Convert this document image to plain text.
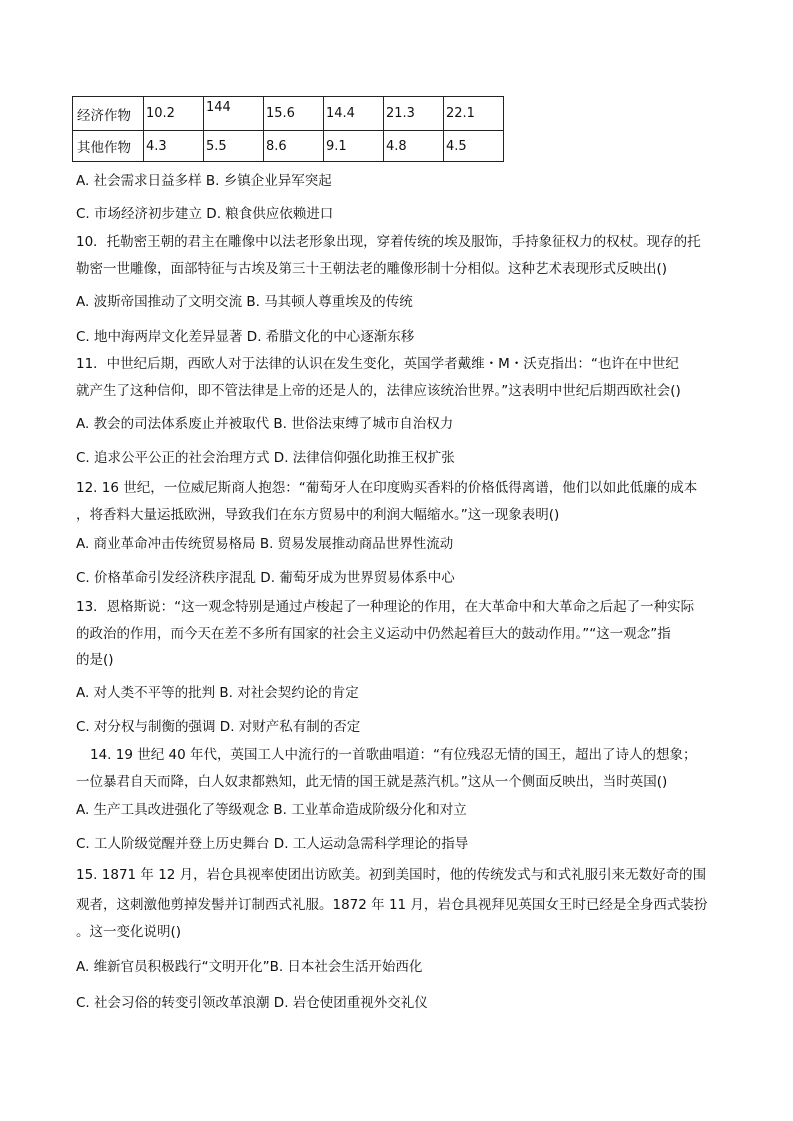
经济作物	10.2	144	15.6	14.4	21.3	22.1
其他作物	4.3	5.5	8.6	9.1	4.8	4.5
A. 社会需求日益多样 B. 乡镇企业异军突起
C. 市场经济初步建立 D. 粮食供应依赖进口
10．托勒密王朝的君主在雕像中以法老形象出现，穿着传统的埃及服饰，手持象征权力的权杖。现存的托
勒密一世雕像，面部特征与古埃及第三十王朝法老的雕像形制十分相似。这种艺术表现形式反映出()
A. 波斯帝国推动了文明交流 B. 马其顿人尊重埃及的传统
C. 地中海两岸文化差异显著 D. 希腊文化的中心逐渐东移
11．中世纪后期，西欧人对于法律的认识在发生变化，英国学者戴维・M・沃克指出：“也许在中世纪
就产生了这种信仰，即不管法律是上帝的还是人的，法律应该统治世界。”这表明中世纪后期西欧社会()
A. 教会的司法体系废止并被取代 B. 世俗法束缚了城市自治权力
C. 追求公平公正的社会治理方式 D. 法律信仰强化助推王权扩张
12. 16 世纪，一位威尼斯商人抱怨：“葡萄牙人在印度购买香料的价格低得离谱，他们以如此低廉的成本
，将香料大量运抵欧洲，导致我们在东方贸易中的利润大幅缩水。”这一现象表明()
A. 商业革命冲击传统贸易格局 B. 贸易发展推动商品世界性流动
C. 价格革命引发经济秩序混乱 D. 葡萄牙成为世界贸易体系中心
13．恩格斯说：“这一观念特别是通过卢梭起了一种理论的作用，在大革命中和大革命之后起了一种实际
的政治的作用，而今天在差不多所有国家的社会主义运动中仍然起着巨大的鼓动作用。”“这一观念”指
的是()
A. 对人类不平等的批判 B. 对社会契约论的肯定
C. 对分权与制衡的强调 D. 对财产私有制的否定
14. 19 世纪 40 年代，英国工人中流行的一首歌曲唱道：“有位残忍无情的国王，超出了诗人的想象；
一位暴君自天而降，白人奴隶都熟知，此无情的国王就是蒸汽机。”这从一个侧面反映出，当时英国()
A. 生产工具改进强化了等级观念 B. 工业革命造成阶级分化和对立
C. 工人阶级觉醒并登上历史舞台 D. 工人运动急需科学理论的指导
15. 1871 年 12 月，岩仓具视率使团出访欧美。初到美国时，他的传统发式与和式礼服引来无数好奇的围
观者，这刺激他剪掉发髻并订制西式礼服。1872 年 11 月，岩仓具视拜见英国女王时已经是全身西式装扮
。这一变化说明()
A. 维新官员积极践行“文明开化”B. 日本社会生活开始西化
C. 社会习俗的转变引领改革浪潮 D. 岩仓使团重视外交礼仪
